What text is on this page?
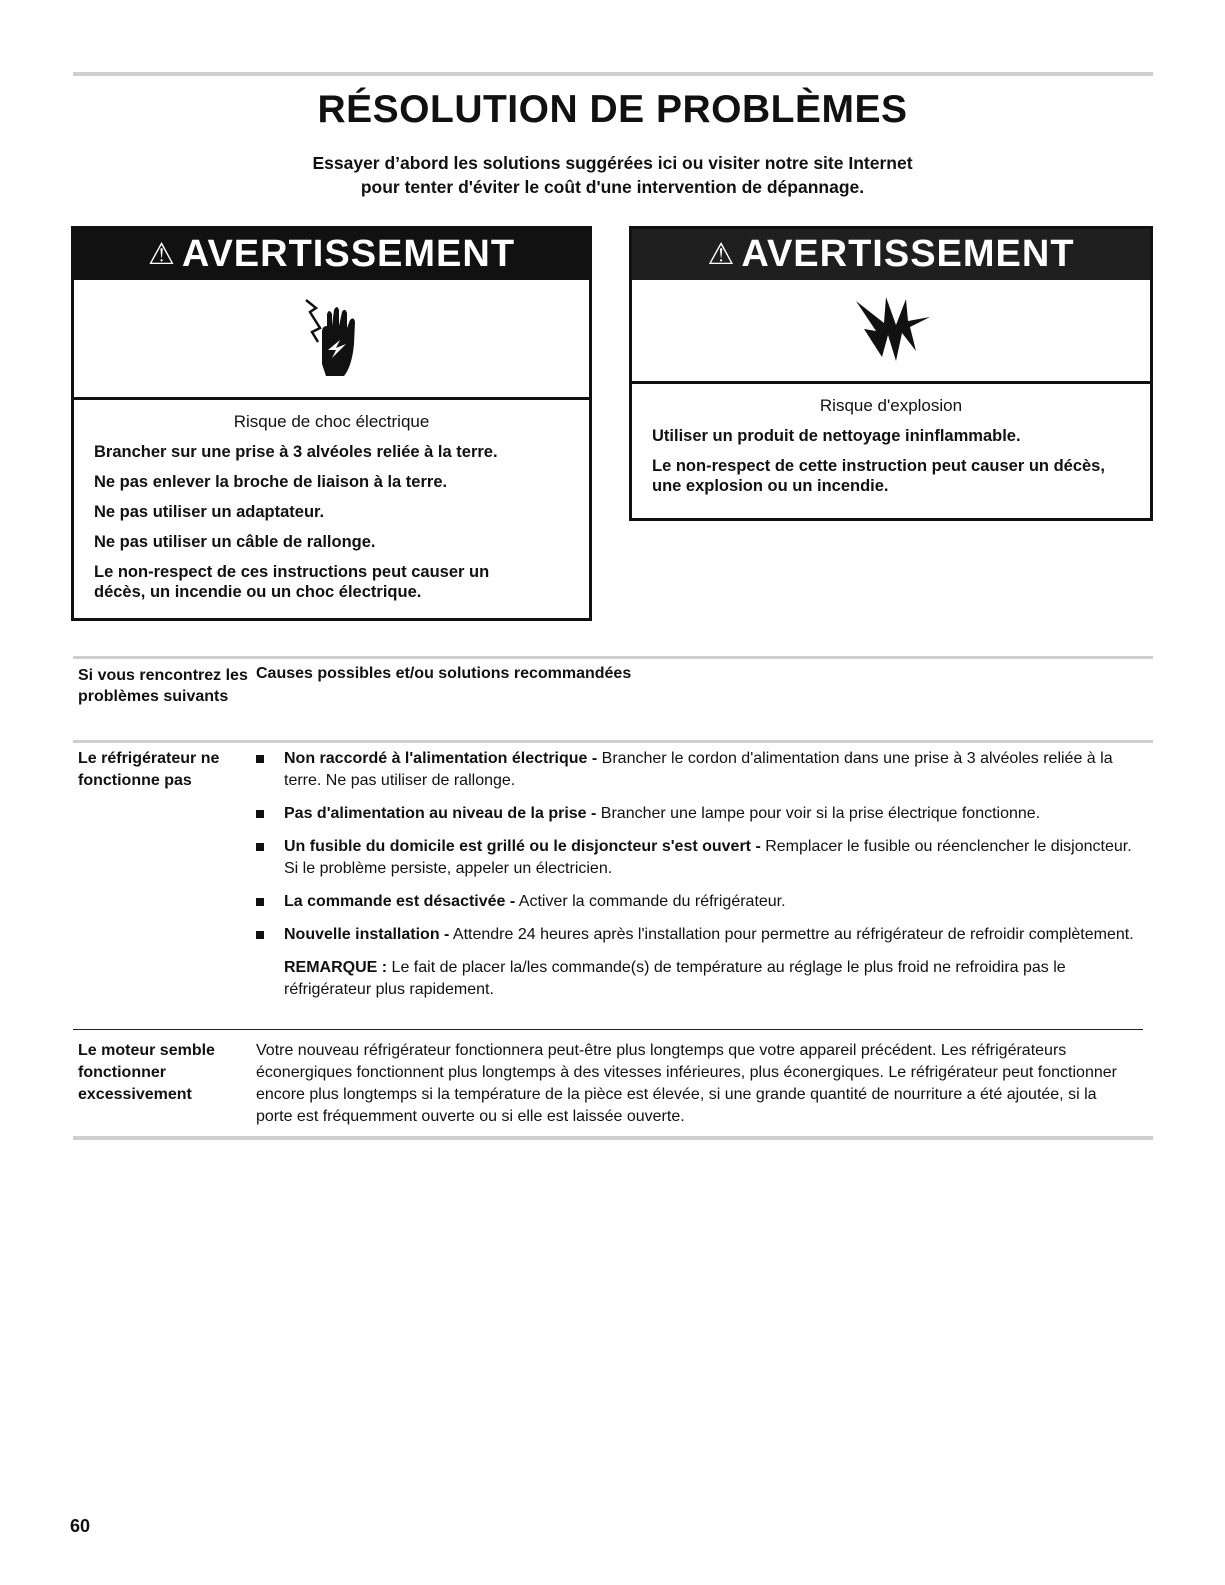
RÉSOLUTION DE PROBLÈMES
Essayer d’abord les solutions suggérées ici ou visiter notre site Internet
pour tenter d'éviter le coût d'une intervention de dépannage.
⚠ AVERTISSEMENT
Risque de choc électrique
Brancher sur une prise à 3 alvéoles reliée à la terre.
Ne pas enlever la broche de liaison à la terre.
Ne pas utiliser un adaptateur.
Ne pas utiliser un câble de rallonge.
Le non-respect de ces instructions peut causer un décès, un incendie ou un choc électrique.
⚠ AVERTISSEMENT
Risque d'explosion
Utiliser un produit de nettoyage ininflammable.
Le non-respect de cette instruction peut causer un décès, une explosion ou un incendie.
Si vous rencontrez les problèmes suivants
Causes possibles et/ou solutions recommandées
Le réfrigérateur ne fonctionne pas
Non raccordé à l'alimentation électrique - Brancher le cordon d'alimentation dans une prise à 3 alvéoles reliée à la terre. Ne pas utiliser de rallonge.
Pas d'alimentation au niveau de la prise - Brancher une lampe pour voir si la prise électrique fonctionne.
Un fusible du domicile est grillé ou le disjoncteur s'est ouvert - Remplacer le fusible ou réenclencher le disjoncteur. Si le problème persiste, appeler un électricien.
La commande est désactivée - Activer la commande du réfrigérateur.
Nouvelle installation - Attendre 24 heures après l'installation pour permettre au réfrigérateur de refroidir complètement.
REMARQUE : Le fait de placer la/les commande(s) de température au réglage le plus froid ne refroidira pas le réfrigérateur plus rapidement.
Le moteur semble fonctionner excessivement
Votre nouveau réfrigérateur fonctionnera peut-être plus longtemps que votre appareil précédent. Les réfrigérateurs éconergiques fonctionnent plus longtemps à des vitesses inférieures, plus éconergiques. Le réfrigérateur peut fonctionner encore plus longtemps si la température de la pièce est élevée, si une grande quantité de nourriture a été ajoutée, si la porte est fréquemment ouverte ou si elle est laissée ouverte.
60
